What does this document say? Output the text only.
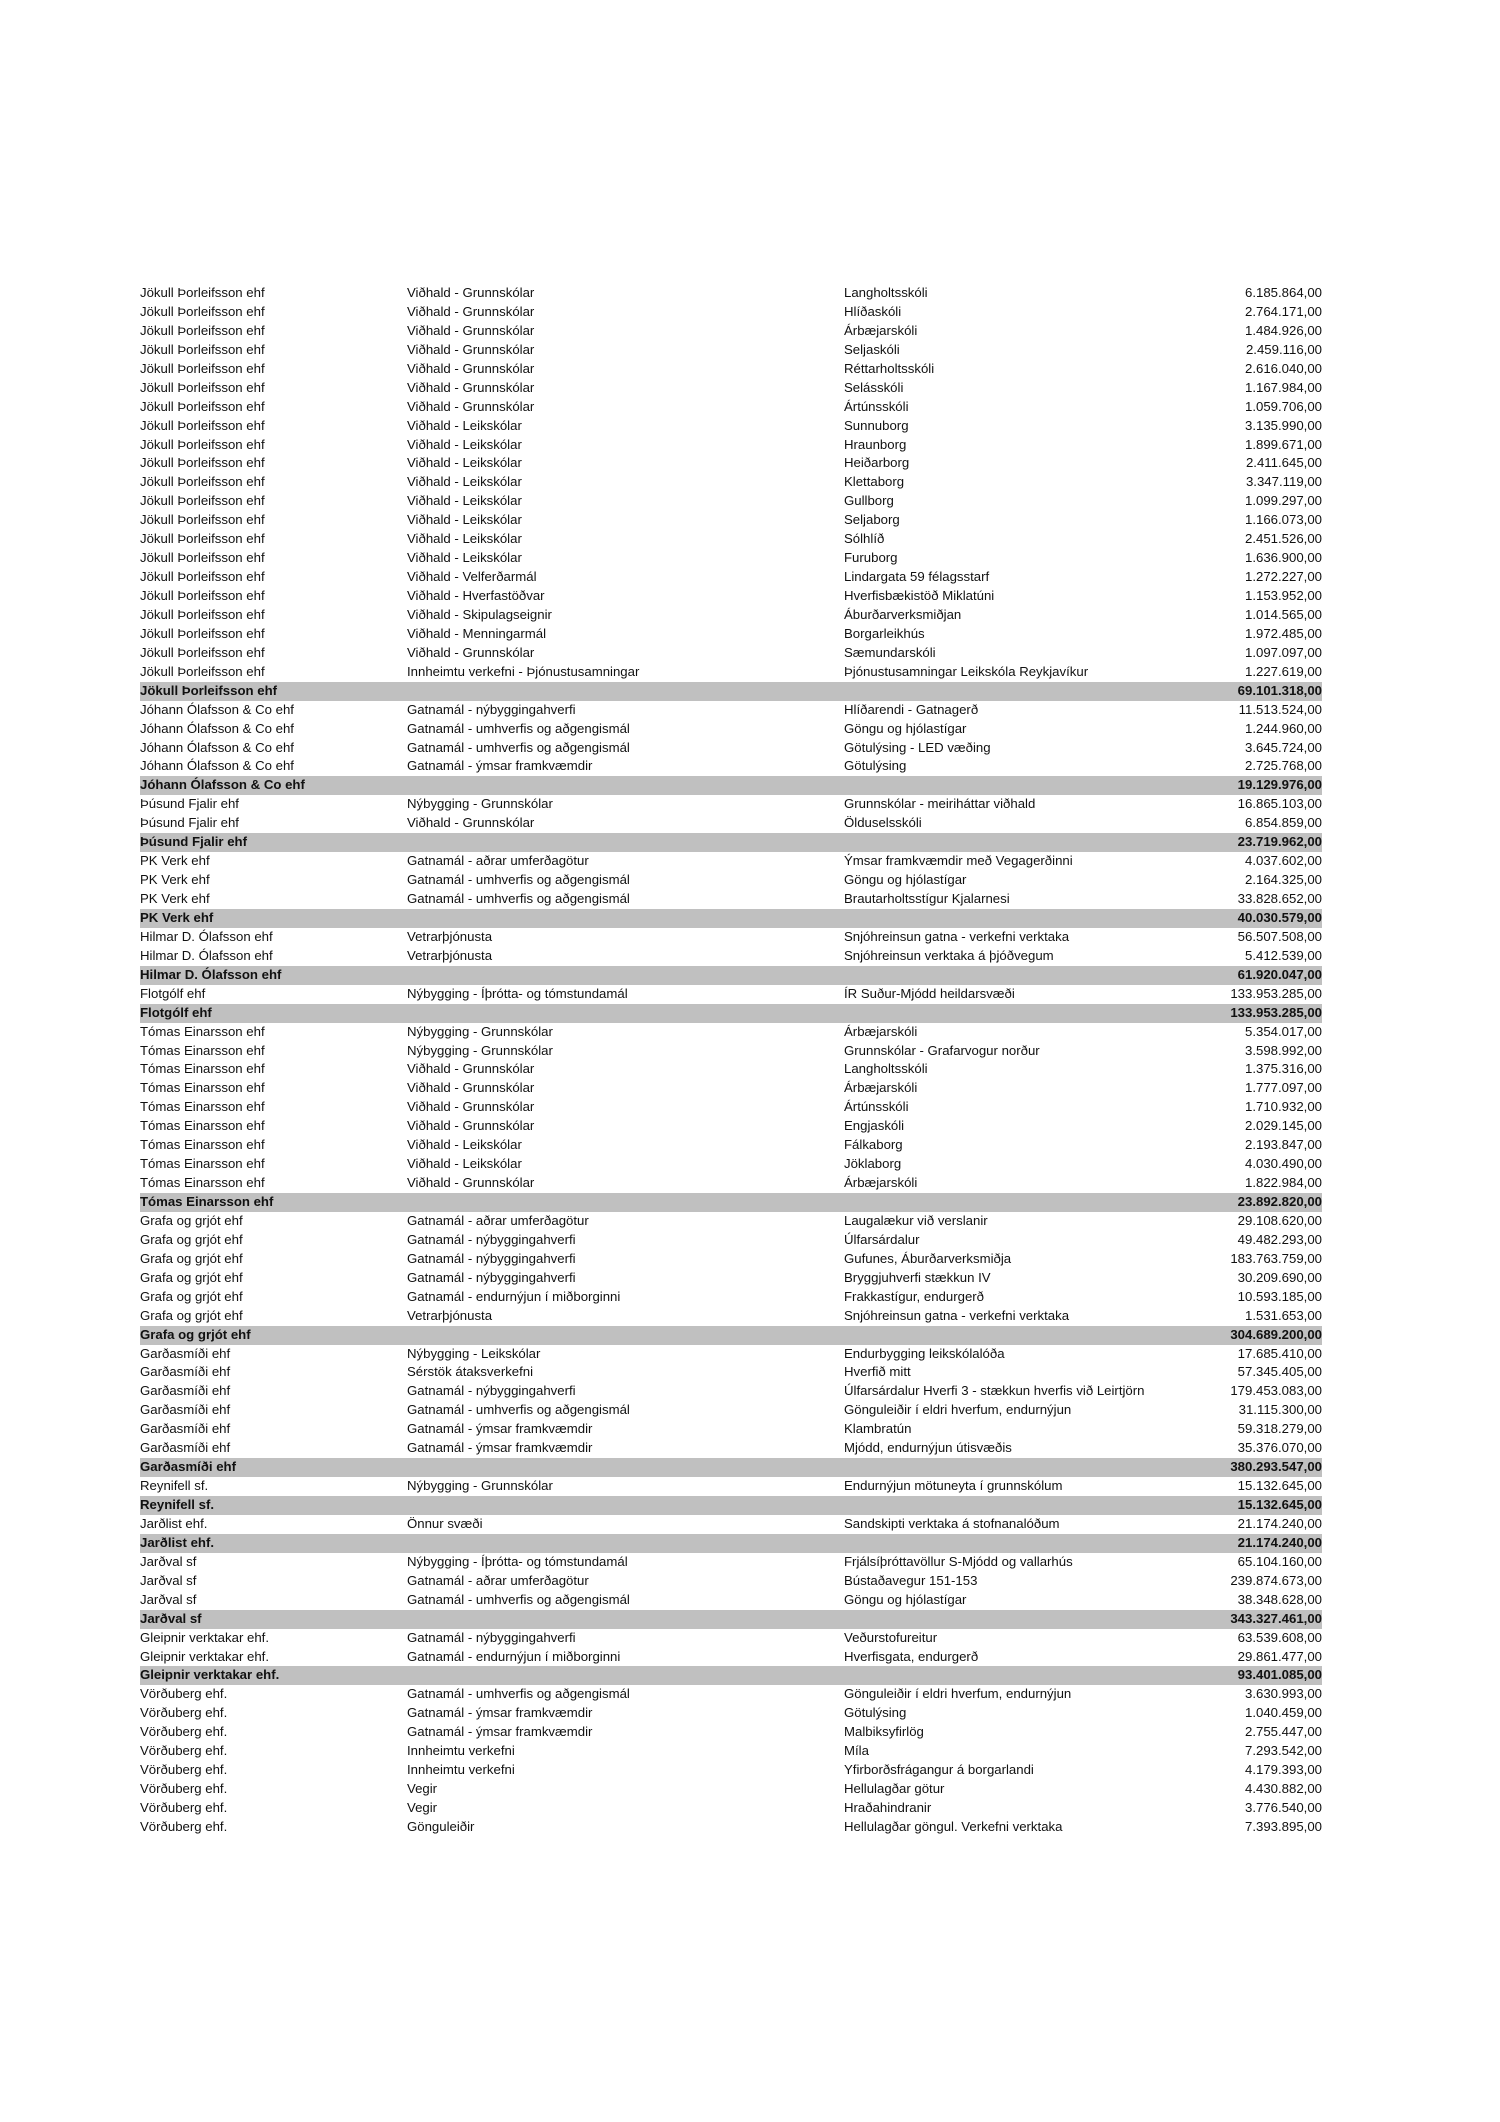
Jökull Þorleifsson ehf	Viðhald - Grunnskólar	Langholtsskóli	6.185.864,00
Jökull Þorleifsson ehf	Viðhald - Grunnskólar	Hlíðaskóli	2.764.171,00
Jökull Þorleifsson ehf	Viðhald - Grunnskólar	Árbæjarskóli	1.484.926,00
Jökull Þorleifsson ehf	Viðhald - Grunnskólar	Seljaskóli	2.459.116,00
Jökull Þorleifsson ehf	Viðhald - Grunnskólar	Réttarholtsskóli	2.616.040,00
Jökull Þorleifsson ehf	Viðhald - Grunnskólar	Selásskóli	1.167.984,00
Jökull Þorleifsson ehf	Viðhald - Grunnskólar	Ártúnsskóli	1.059.706,00
Jökull Þorleifsson ehf	Viðhald - Leikskólar	Sunnuborg	3.135.990,00
Jökull Þorleifsson ehf	Viðhald - Leikskólar	Hraunborg	1.899.671,00
Jökull Þorleifsson ehf	Viðhald - Leikskólar	Heiðarborg	2.411.645,00
Jökull Þorleifsson ehf	Viðhald - Leikskólar	Klettaborg	3.347.119,00
Jökull Þorleifsson ehf	Viðhald - Leikskólar	Gullborg	1.099.297,00
Jökull Þorleifsson ehf	Viðhald - Leikskólar	Seljaborg	1.166.073,00
Jökull Þorleifsson ehf	Viðhald - Leikskólar	Sólhlíð	2.451.526,00
Jökull Þorleifsson ehf	Viðhald - Leikskólar	Furuborg	1.636.900,00
Jökull Þorleifsson ehf	Viðhald - Velferðarmál	Lindargata 59 félagsstarf	1.272.227,00
Jökull Þorleifsson ehf	Viðhald - Hverfastöðvar	Hverfisbækistöð Miklatúni	1.153.952,00
Jökull Þorleifsson ehf	Viðhald - Skipulagseignir	Áburðarverksmiðjan	1.014.565,00
Jökull Þorleifsson ehf	Viðhald - Menningarmál	Borgarleikhús	1.972.485,00
Jökull Þorleifsson ehf	Viðhald - Grunnskólar	Sæmundarskóli	1.097.097,00
Jökull Þorleifsson ehf	Innheimtu verkefni - Þjónustusamningar	Þjónustusamningar Leikskóla Reykjavíkur	1.227.619,00
Jökull Þorleifsson ehf	69.101.318,00
Jóhann Ólafsson & Co ehf	Gatnamál - nýbyggingahverfi	Hlíðarendi - Gatnagerð	11.513.524,00
Jóhann Ólafsson & Co ehf	Gatnamál - umhverfis og aðgengismál	Göngu og hjólastígar	1.244.960,00
Jóhann Ólafsson & Co ehf	Gatnamál - umhverfis og aðgengismál	Götulýsing - LED væðing	3.645.724,00
Jóhann Ólafsson & Co ehf	Gatnamál - ýmsar framkvæmdir	Götulýsing	2.725.768,00
Jóhann Ólafsson & Co ehf	19.129.976,00
Þúsund Fjalir ehf	Nýbygging - Grunnskólar	Grunnskólar - meiriháttar viðhald	16.865.103,00
Þúsund Fjalir ehf	Viðhald - Grunnskólar	Ölduselsskóli	6.854.859,00
Þúsund Fjalir ehf	23.719.962,00
PK Verk ehf	Gatnamál - aðrar umferðagötur	Ýmsar framkvæmdir með Vegagerðinni	4.037.602,00
PK Verk ehf	Gatnamál - umhverfis og aðgengismál	Göngu og hjólastígar	2.164.325,00
PK Verk ehf	Gatnamál - umhverfis og aðgengismál	Brautarholtsstígur Kjalarnesi	33.828.652,00
PK Verk ehf	40.030.579,00
Hilmar D. Ólafsson ehf	Vetrarþjónusta	Snjóhreinsun gatna - verkefni verktaka	56.507.508,00
Hilmar D. Ólafsson ehf	Vetrarþjónusta	Snjóhreinsun verktaka á þjóðvegum	5.412.539,00
Hilmar D. Ólafsson ehf	61.920.047,00
Flotgólf ehf	Nýbygging - Íþrótta- og tómstundamál	ÍR Suður-Mjódd heildarsvæði	133.953.285,00
Flotgólf ehf	133.953.285,00
Tómas Einarsson ehf	Nýbygging - Grunnskólar	Árbæjarskóli	5.354.017,00
Tómas Einarsson ehf	Nýbygging - Grunnskólar	Grunnskólar - Grafarvogur norður	3.598.992,00
Tómas Einarsson ehf	Viðhald - Grunnskólar	Langholtsskóli	1.375.316,00
Tómas Einarsson ehf	Viðhald - Grunnskólar	Árbæjarskóli	1.777.097,00
Tómas Einarsson ehf	Viðhald - Grunnskólar	Ártúnsskóli	1.710.932,00
Tómas Einarsson ehf	Viðhald - Grunnskólar	Engjaskóli	2.029.145,00
Tómas Einarsson ehf	Viðhald - Leikskólar	Fálkaborg	2.193.847,00
Tómas Einarsson ehf	Viðhald - Leikskólar	Jöklaborg	4.030.490,00
Tómas Einarsson ehf	Viðhald - Grunnskólar	Árbæjarskóli	1.822.984,00
Tómas Einarsson ehf	23.892.820,00
Grafa og grjót ehf	Gatnamál - aðrar umferðagötur	Laugalækur við verslanir	29.108.620,00
Grafa og grjót ehf	Gatnamál - nýbyggingahverfi	Úlfarsárdalur	49.482.293,00
Grafa og grjót ehf	Gatnamál - nýbyggingahverfi	Gufunes, Áburðarverksmiðja	183.763.759,00
Grafa og grjót ehf	Gatnamál - nýbyggingahverfi	Bryggjuhverfi stækkun IV	30.209.690,00
Grafa og grjót ehf	Gatnamál - endurnýjun í miðborginni	Frakkastígur, endurgerð	10.593.185,00
Grafa og grjót ehf	Vetrarþjónusta	Snjóhreinsun gatna - verkefni verktaka	1.531.653,00
Grafa og grjót ehf	304.689.200,00
Garðasmíði ehf	Nýbygging - Leikskólar	Endurbygging leikskólalóða	17.685.410,00
Garðasmíði ehf	Sérstök átaksverkefni	Hverfið mitt	57.345.405,00
Garðasmíði ehf	Gatnamál - nýbyggingahverfi	Úlfarsárdalur Hverfi 3 - stækkun hverfis við Leirtjörn	179.453.083,00
Garðasmíði ehf	Gatnamál - umhverfis og aðgengismál	Gönguleiðir í eldri hverfum, endurnýjun	31.115.300,00
Garðasmíði ehf	Gatnamál - ýmsar framkvæmdir	Klambratún	59.318.279,00
Garðasmíði ehf	Gatnamál - ýmsar framkvæmdir	Mjódd, endurnýjun útisvæðis	35.376.070,00
Garðasmíði ehf	380.293.547,00
Reynifell sf.	Nýbygging - Grunnskólar	Endurnýjun mötuneyta í grunnskólum	15.132.645,00
Reynifell sf.	15.132.645,00
Jarðlist ehf.	Önnur svæði	Sandskipti verktaka á stofnanalóðum	21.174.240,00
Jarðlist ehf.	21.174.240,00
Jarðval sf	Nýbygging - Íþrótta- og tómstundamál	Frjálsíþróttavöllur S-Mjódd og vallarhús	65.104.160,00
Jarðval sf	Gatnamál - aðrar umferðagötur	Bústaðavegur 151-153	239.874.673,00
Jarðval sf	Gatnamál - umhverfis og aðgengismál	Göngu og hjólastígar	38.348.628,00
Jarðval sf	343.327.461,00
Gleipnir verktakar ehf.	Gatnamál - nýbyggingahverfi	Veðurstofureitur	63.539.608,00
Gleipnir verktakar ehf.	Gatnamál - endurnýjun í miðborginni	Hverfisgata, endurgerð	29.861.477,00
Gleipnir verktakar ehf.	93.401.085,00
Vörðuberg ehf.	Gatnamál - umhverfis og aðgengismál	Gönguleiðir í eldri hverfum, endurnýjun	3.630.993,00
Vörðuberg ehf.	Gatnamál - ýmsar framkvæmdir	Götulýsing	1.040.459,00
Vörðuberg ehf.	Gatnamál - ýmsar framkvæmdir	Malbiksyfirlög	2.755.447,00
Vörðuberg ehf.	Innheimtu verkefni	Míla	7.293.542,00
Vörðuberg ehf.	Innheimtu verkefni	Yfirborðsfrágangur á borgarlandi	4.179.393,00
Vörðuberg ehf.	Vegir	Hellulagðar götur	4.430.882,00
Vörðuberg ehf.	Vegir	Hraðahindranir	3.776.540,00
Vörðuberg ehf.	Gönguleiðir	Hellulagðar göngul. Verkefni verktaka	7.393.895,00
